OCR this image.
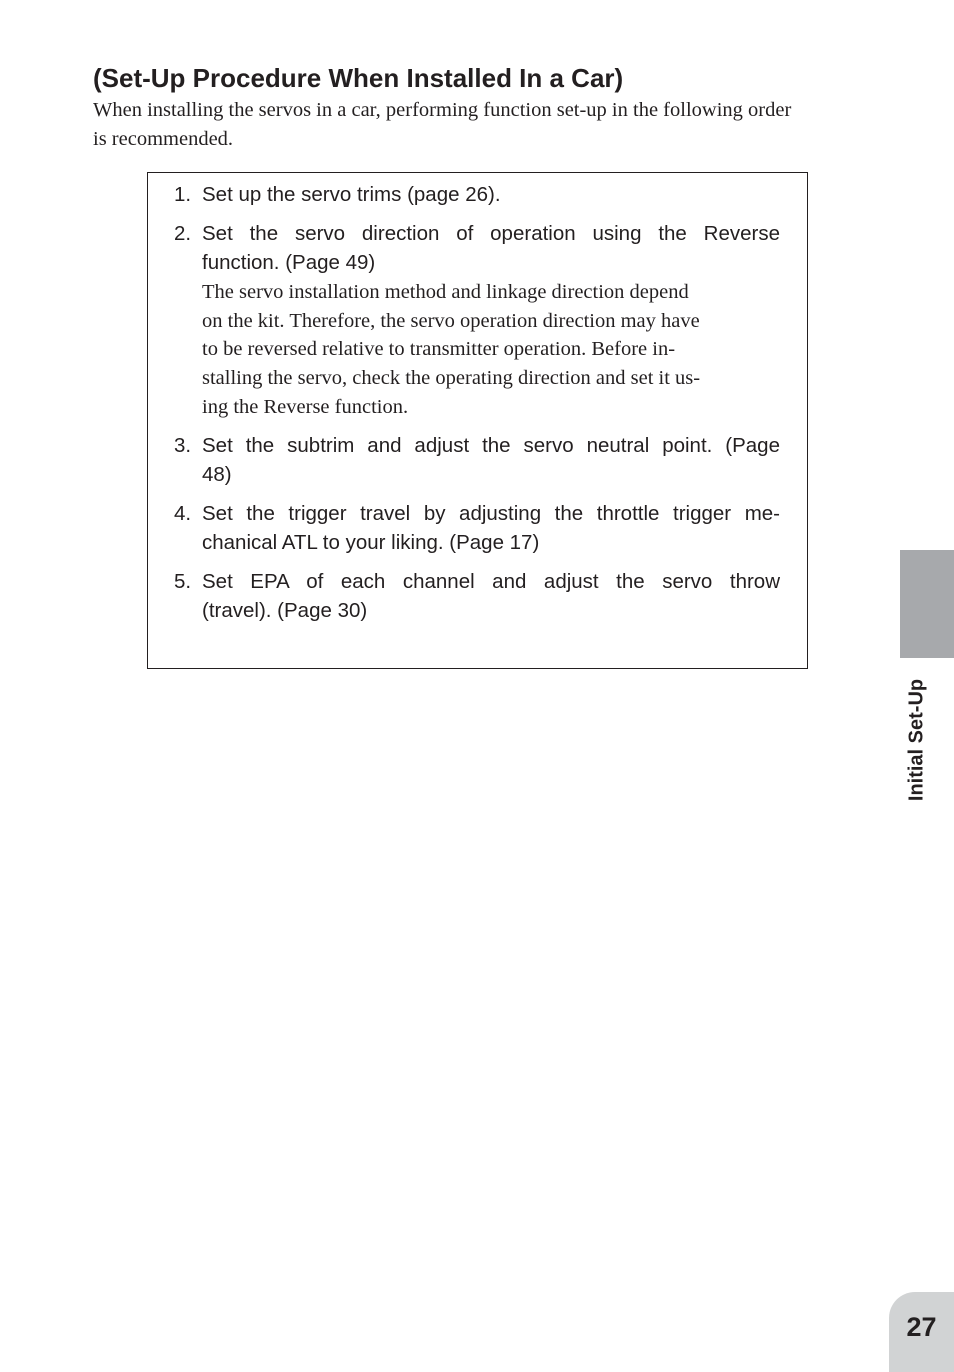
(Set-Up Procedure When Installed In a Car)

When installing the servos in a car, performing function set-up in the following order
is recommended.

1. Set up the servo trims (page 26).
2. Set the servo direction of operation using the Reverse
function. (Page 49)
The servo installation method and linkage direction depend
on the kit. Therefore, the servo operation direction may have
to be reversed relative to transmitter operation. Before in-
stalling the servo, check the operating direction and set it us-
ing the Reverse function.
3. Set the subtrim and adjust the servo neutral point. (Page
48)
4. Set the trigger travel by adjusting the throttle trigger me-
chanical ATL to your liking. (Page 17)
5. Set EPA of each channel and adjust the servo throw
(travel). (Page 30)
Initial Set-Up
27
